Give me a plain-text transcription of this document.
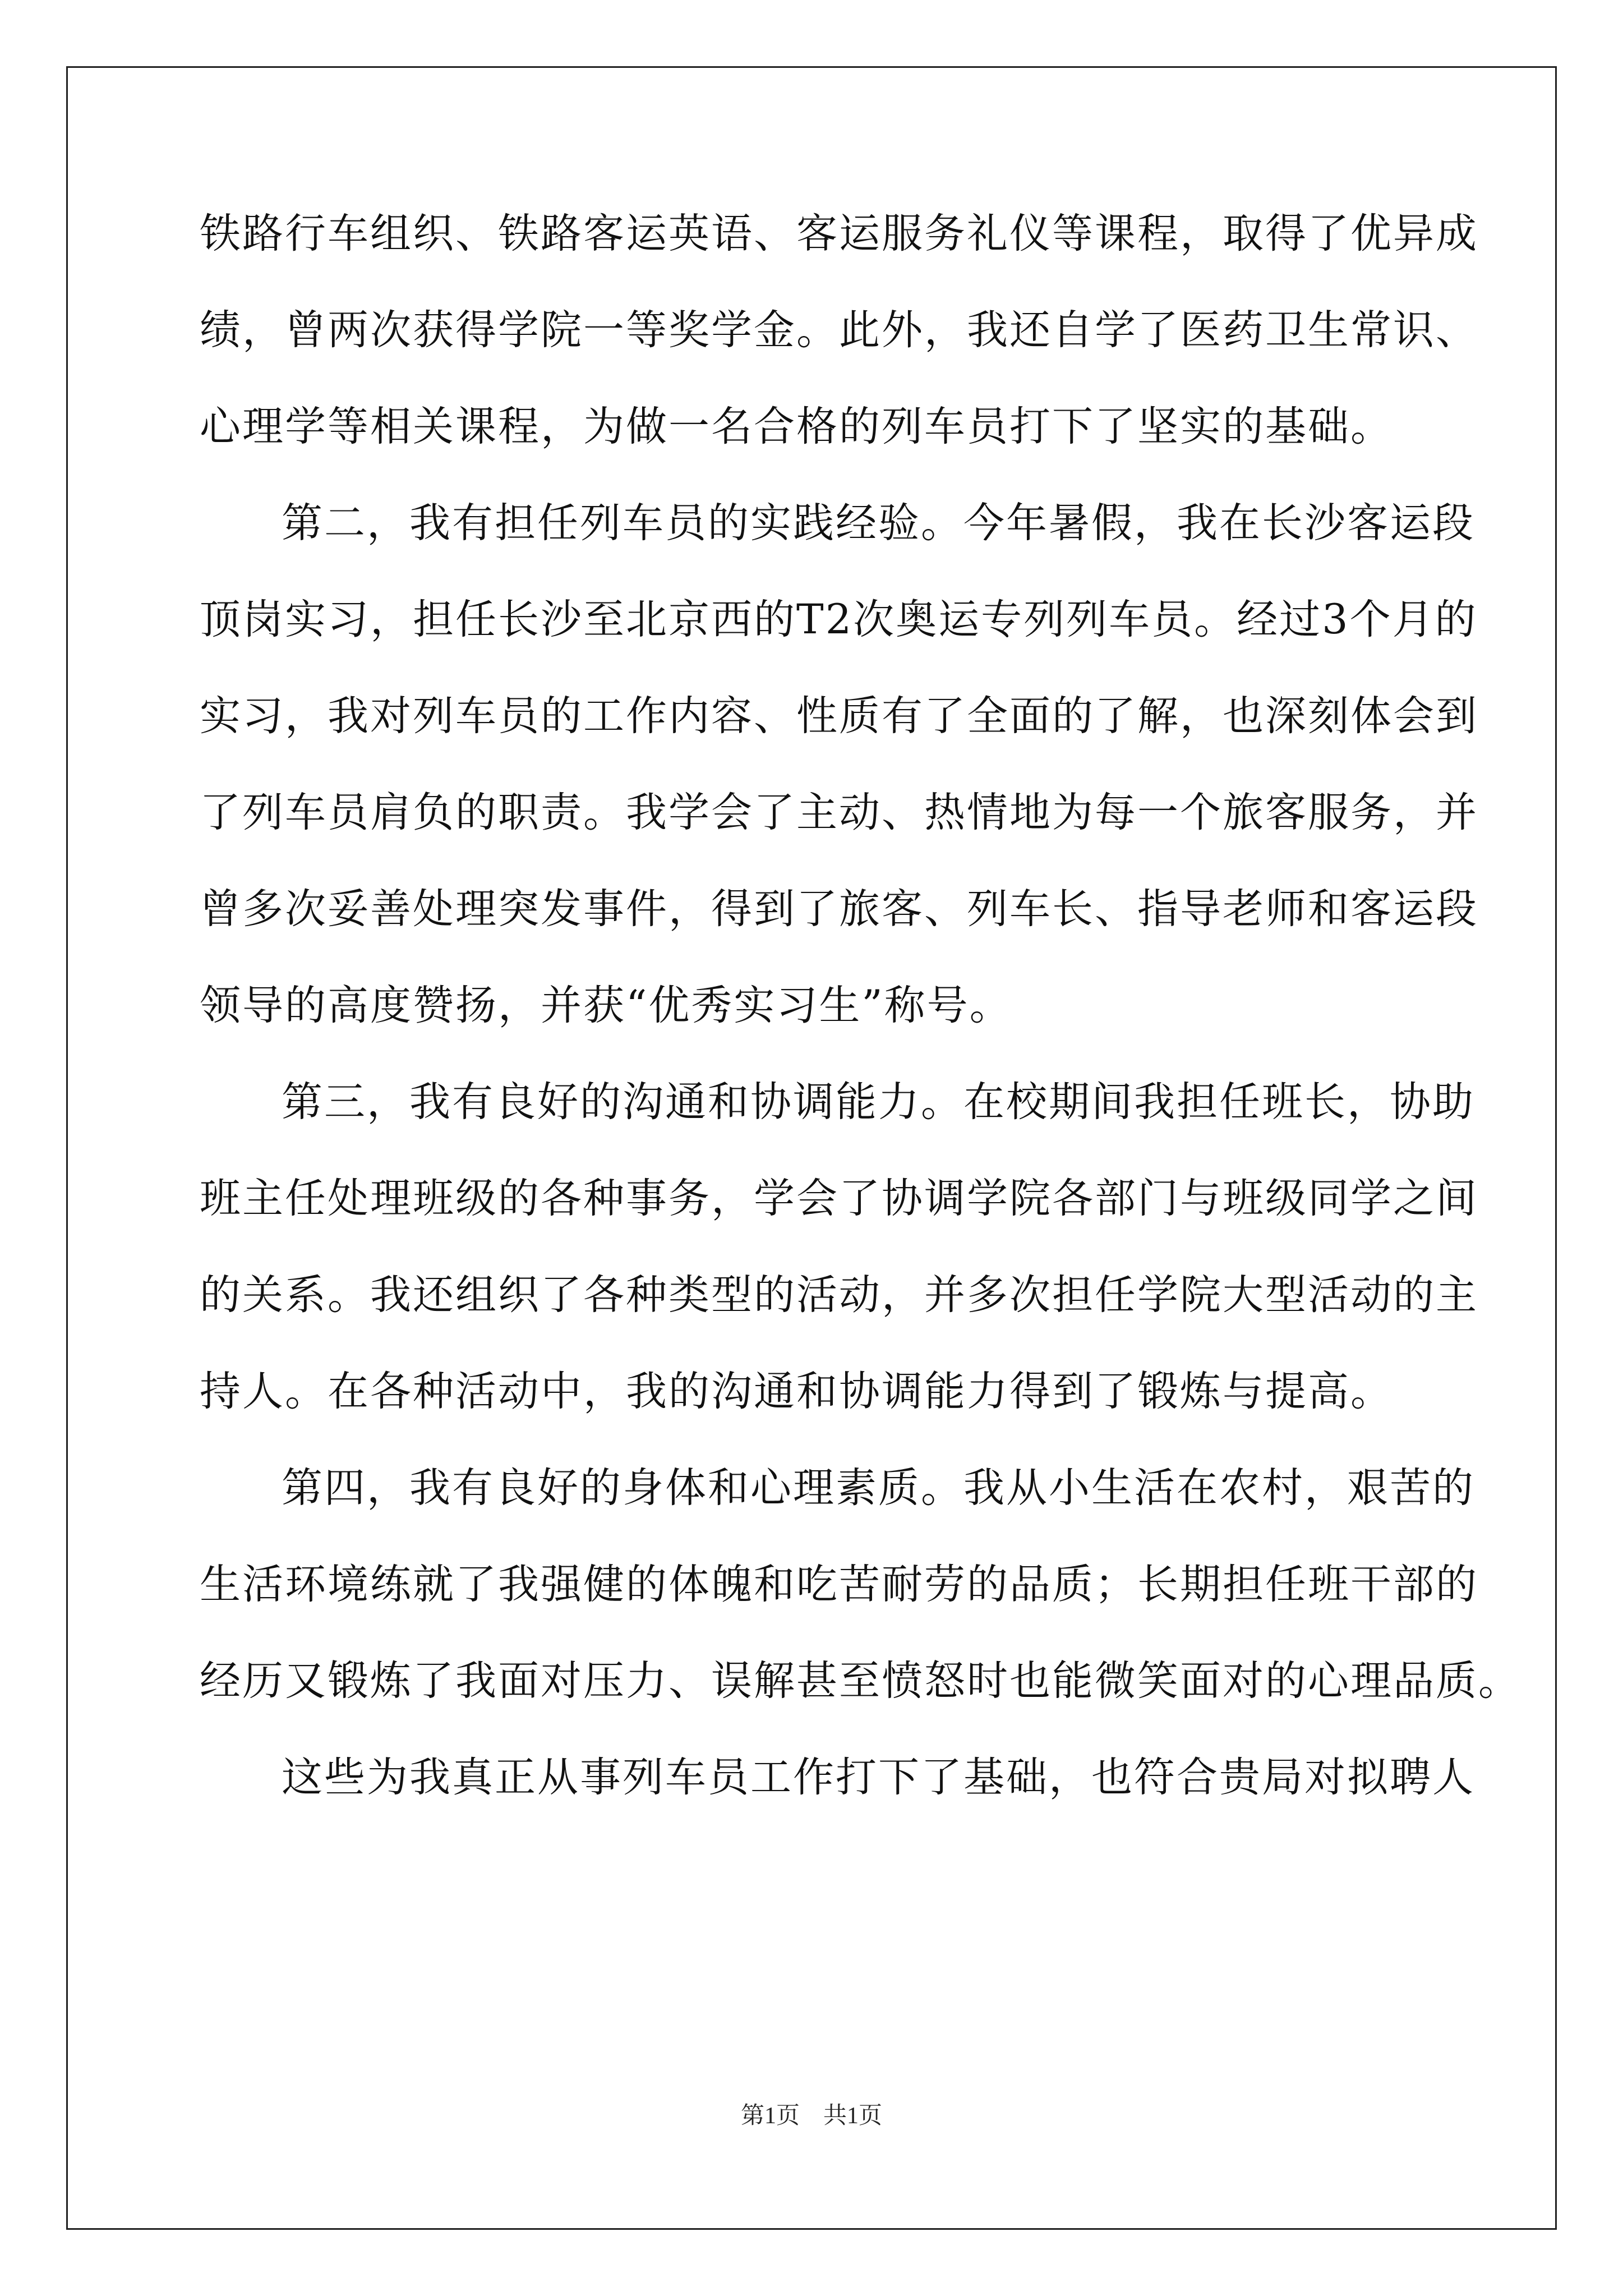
铁路行车组织、铁路客运英语、客运服务礼仪等课程，取得了优异成
绩，曾两次获得学院一等奖学金。此外，我还自学了医药卫生常识、
心理学等相关课程，为做一名合格的列车员打下了坚实的基础。
第二，我有担任列车员的实践经验。今年暑假，我在长沙客运段
顶岗实习，担任长沙至北京西的T2次奥运专列列车员。经过3个月的
实习，我对列车员的工作内容、性质有了全面的了解，也深刻体会到
了列车员肩负的职责。我学会了主动、热情地为每一个旅客服务，并
曾多次妥善处理突发事件，得到了旅客、列车长、指导老师和客运段
领导的高度赞扬，并获“优秀实习生”称号。
第三，我有良好的沟通和协调能力。在校期间我担任班长，协助
班主任处理班级的各种事务，学会了协调学院各部门与班级同学之间
的关系。我还组织了各种类型的活动，并多次担任学院大型活动的主
持人。在各种活动中，我的沟通和协调能力得到了锻炼与提高。
第四，我有良好的身体和心理素质。我从小生活在农村，艰苦的
生活环境练就了我强健的体魄和吃苦耐劳的品质；长期担任班干部的
经历又锻炼了我面对压力、误解甚至愤怒时也能微笑面对的心理品质。
这些为我真正从事列车员工作打下了基础，也符合贵局对拟聘人
第1页　共1页
